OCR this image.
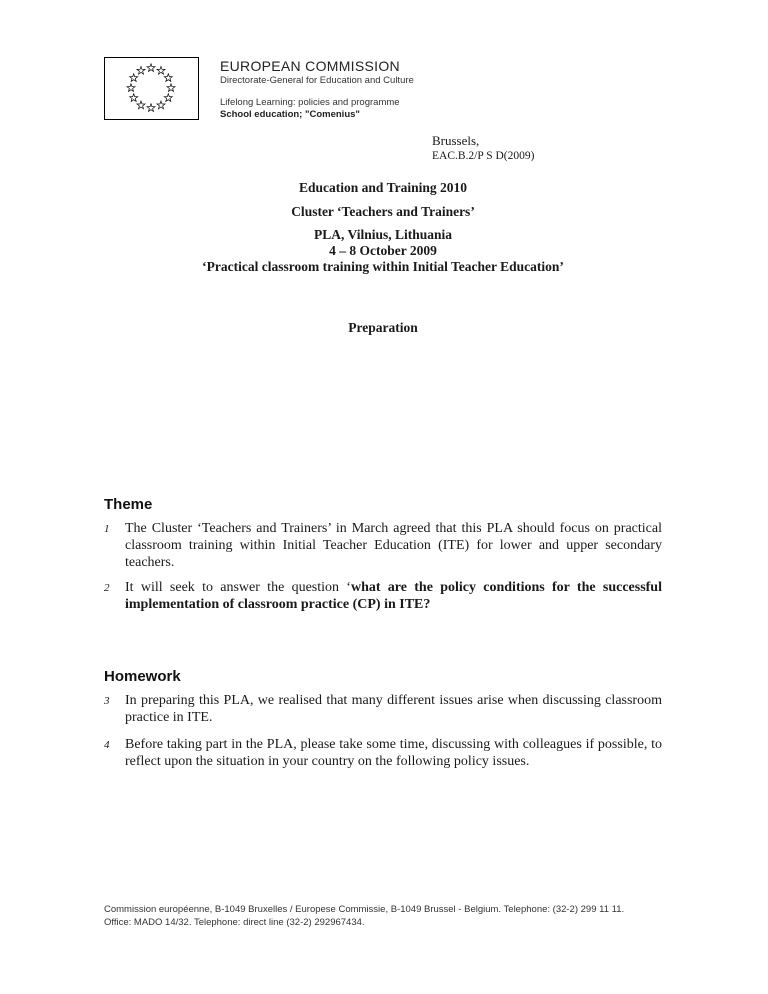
EUROPEAN COMMISSION
Directorate-General for Education and Culture
Lifelong Learning: policies and programme
School education; "Comenius"
Brussels,
EAC.B.2/P S D(2009)
Education and Training 2010
Cluster ‘Teachers and Trainers’
PLA, Vilnius, Lithuania
4 – 8 October 2009
‘Practical classroom training within Initial Teacher Education’
Preparation
Theme
1	The Cluster ‘Teachers and Trainers’ in March agreed that this PLA should focus on practical classroom training within Initial Teacher Education (ITE) for lower and upper secondary teachers.
2	It will seek to answer the question ‘what are the policy conditions for the successful implementation of classroom practice (CP) in ITE?
Homework
3	In preparing this PLA, we realised that many different issues arise when discussing classroom practice in ITE.
4	Before taking part in the PLA, please take some time, discussing with colleagues if possible, to reflect upon the situation in your country on the following policy issues.
Commission européenne, B-1049 Bruxelles / Europese Commissie, B-1049 Brussel - Belgium. Telephone: (32-2) 299 11 11.
Office: MADO 14/32. Telephone: direct line (32-2) 292967434.
